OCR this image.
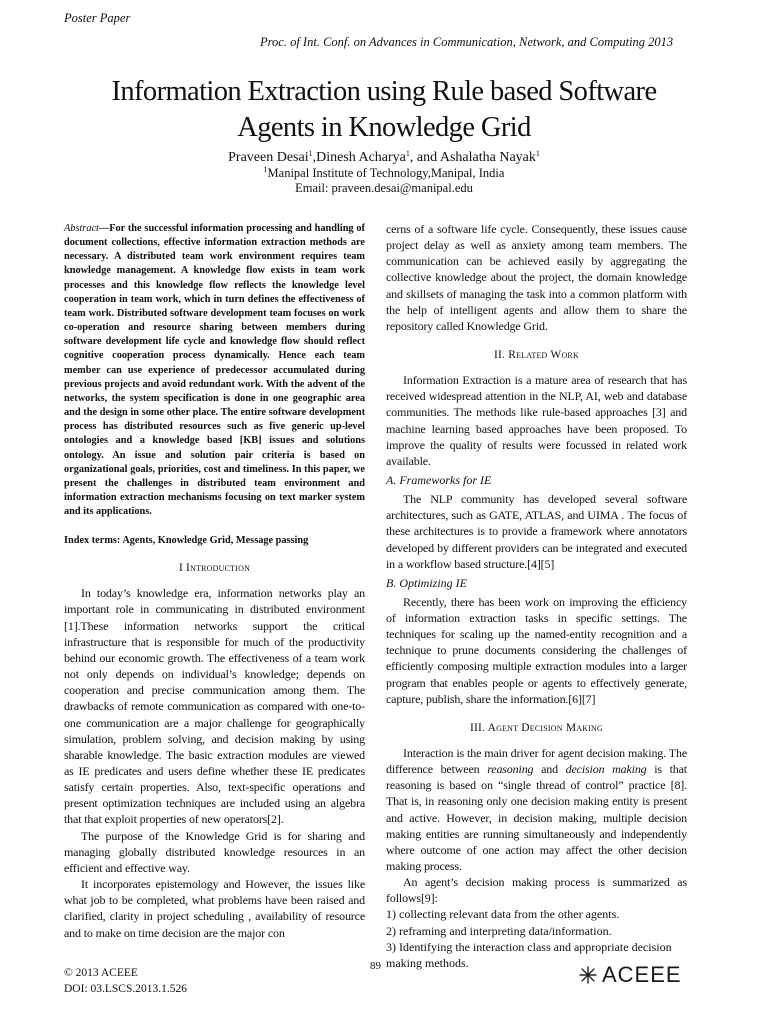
Poster Paper
Proc. of Int. Conf. on Advances in Communication, Network, and Computing 2013
Information Extraction using Rule based Software
Agents in Knowledge Grid
Praveen Desai$^1$,Dinesh Acharya$^1$, and Ashalatha Nayak$^1$
$^1$Manipal Institute of Technology,Manipal, India
Email: praveen.desai@manipal.edu

Abstract—For the successful information processing and handling of document collections, effective information extraction methods are necessary. A distributed team work environment requires team knowledge management. A knowledge flow exists in team work processes and this knowledge flow reflects the knowledge level cooperation in team work, which in turn defines the effectiveness of team work. Distributed software development team focuses on work co-operation and resource sharing between members during software development life cycle and knowledge flow should reflect cognitive cooperation process dynamically. Hence each team member can use experience of predecessor accumulated during previous projects and avoid redundant work. With the advent of the networks, the system specification is done in one geographic area and the design in some other place. The entire software development process has distributed resources such as five generic up-level ontologies and a knowledge based [KB] issues and solutions ontology. An issue and solution pair criteria is based on organizational goals, priorities, cost and timeliness. In this paper, we present the challenges in distributed team environment and information extraction mechanisms focusing on text marker system and its applications.

Index terms: Agents, Knowledge Grid, Message passing

I Introduction

In today’s knowledge era, information networks play an important role in communicating in distributed environment [1].These information networks support the critical infrastructure that is responsible for much of the productivity behind our economic growth. The effectiveness of a team work not only depends on individual’s knowledge; depends on cooperation and precise communication among them. The drawbacks of remote communication as compared with one-to-one communication are a major challenge for geographically simulation, problem solving, and decision making by using sharable knowledge. The basic extraction modules are viewed as IE predicates and users define whether these IE predicates satisfy certain properties. Also, text-specific operations and present optimization techniques are included using an algebra that that exploit properties of new operators[2].

The purpose of the Knowledge Grid is for sharing and managing globally distributed knowledge resources in an efficient and effective way.

It incorporates epistemology and However, the issues like what job to be completed, what problems have been raised and clarified, clarity in project scheduling , availability of resource and to make on time decision are the major con

cerns of a software life cycle. Consequently, these issues cause project delay as well as anxiety among team members. The communication can be achieved easily by aggregating the collective knowledge about the project, the domain knowledge and skillsets of managing the task into a common platform with the help of intelligent agents and allow them to share the repository called Knowledge Grid.

II. Related Work

Information Extraction is a mature area of research that has received widespread attention in the NLP, AI, web and database communities. The methods like rule-based approaches [3] and machine learning based approaches have been proposed. To improve the quality of results were focussed in related work available.

A. Frameworks for IE

The NLP community has developed several software architectures, such as GATE, ATLAS, and UIMA . The focus of these architectures is to provide a framework where annotators developed by different providers can be integrated and executed in a workflow based structure.[4][5]

B. Optimizing IE

Recently, there has been work on improving the efficiency of information extraction tasks in specific settings. The techniques for scaling up the named-entity recognition and a technique to prune documents considering the challenges of efficiently composing multiple extraction modules into a larger program that enables people or agents to effectively generate, capture, publish, share the information.[6][7]

III. Agent Decision Making

Interaction is the main driver for agent decision making. The difference between reasoning and decision making is that reasoning is based on “single thread of control” practice [8]. That is, in reasoning only one decision making entity is present and active. However, in decision making, multiple decision making entities are running simultaneously and independently where outcome of one action may affect the other decision making process.

An agent’s decision making process is summarized as follows[9]:

1) collecting relevant data from the other agents.
2) reframing and interpreting data/information.
3) Identifying the interaction class and appropriate decision making methods.
© 2013 ACEEE
DOI: 03.LSCS.2013.1.526
89	ACEEE
